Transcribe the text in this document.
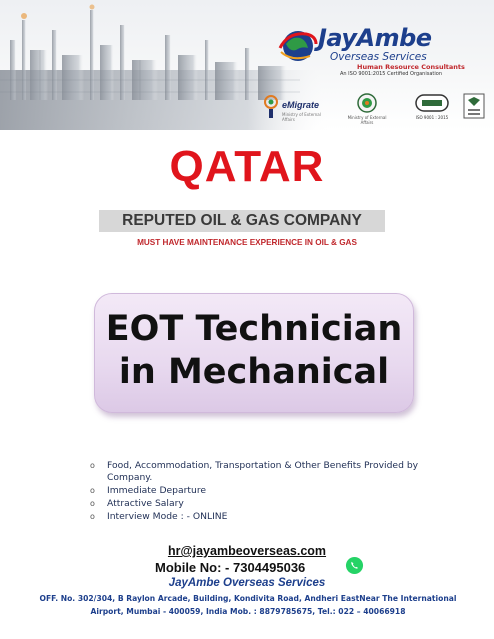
JayAmbe
Overseas Services
Human Resource Consultants
An ISO 9001:2015 Certified Organisation
eMigrate
Ministry of External Affairs	Ministry of External Affairs
ISO 9001 : 2015
QATAR
REPUTED OIL & GAS COMPANY
MUST HAVE MAINTENANCE EXPERIENCE IN OIL & GAS
EOT Technician
in Mechanical
o Food, Accommodation, Transportation & Other Benefits Provided by Company.
o Immediate Departure
o Attractive Salary
o Interview Mode : - ONLINE
hr@jayambeoverseas.com
Mobile No: - 7304495036
JayAmbe Overseas Services
OFF. No. 302/304, B Raylon Arcade, Building, Kondivita Road, Andheri EastNear The International Airport, Mumbai - 400059, India Mob. : 8879785675, Tel.: 022 – 40066918
